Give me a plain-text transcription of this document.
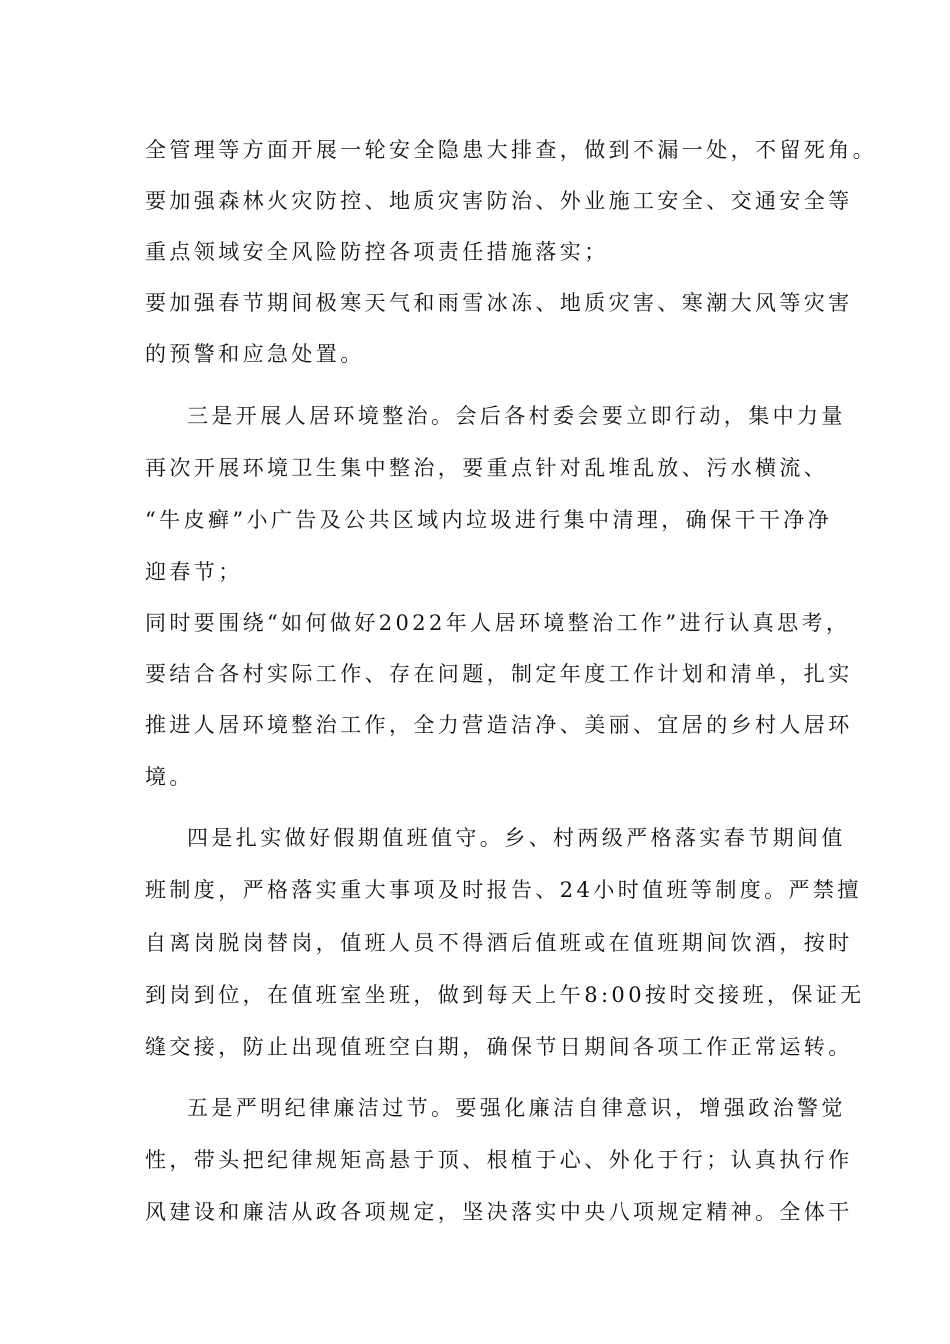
全管理等方面开展一轮安全隐患大排查，做到不漏一处，不留死角。
要加强森林火灾防控、地质灾害防治、外业施工安全、交通安全等
重点领域安全风险防控各项责任措施落实；
要加强春节期间极寒天气和雨雪冰冻、地质灾害、寒潮大风等灾害
的预警和应急处置。
三是开展人居环境整治。会后各村委会要立即行动，集中力量
再次开展环境卫生集中整治，要重点针对乱堆乱放、污水横流、
“牛皮癣”小广告及公共区域内垃圾进行集中清理，确保干干净净
迎春节；
同时要围绕“如何做好2022年人居环境整治工作”进行认真思考，
要结合各村实际工作、存在问题，制定年度工作计划和清单，扎实
推进人居环境整治工作，全力营造洁净、美丽、宜居的乡村人居环
境。
四是扎实做好假期值班值守。乡、村两级严格落实春节期间值
班制度，严格落实重大事项及时报告、24小时值班等制度。严禁擅
自离岗脱岗替岗，值班人员不得酒后值班或在值班期间饮酒，按时
到岗到位，在值班室坐班，做到每天上午8:00按时交接班，保证无
缝交接，防止出现值班空白期，确保节日期间各项工作正常运转。
五是严明纪律廉洁过节。要强化廉洁自律意识，增强政治警觉
性，带头把纪律规矩高悬于顶、根植于心、外化于行；认真执行作
风建设和廉洁从政各项规定，坚决落实中央八项规定精神。全体干
